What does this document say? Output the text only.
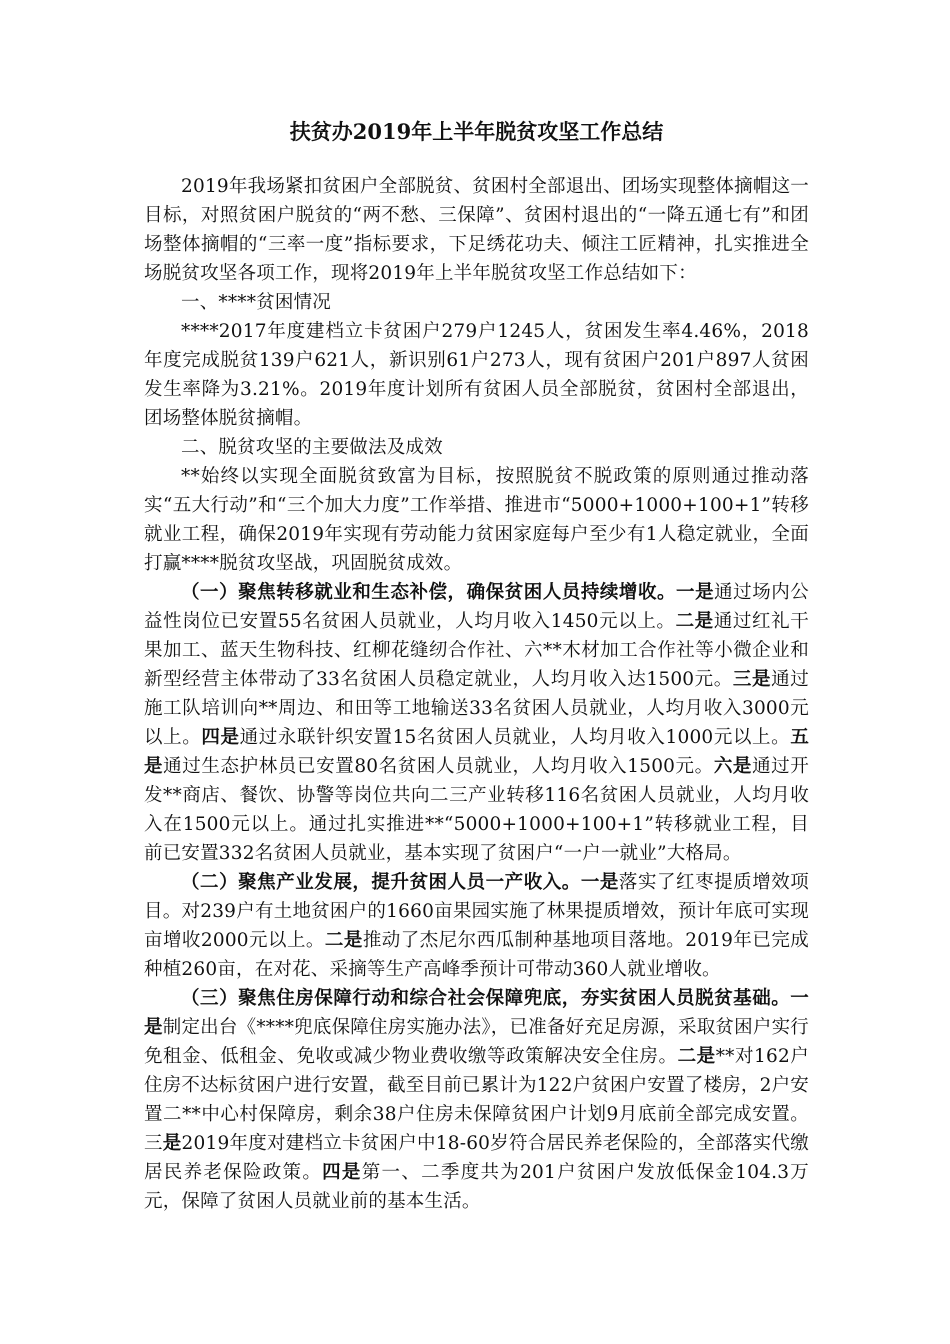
扶贫办2019年上半年脱贫攻坚工作总结

2019年我场紧扣贫困户全部脱贫、贫困村全部退出、团场实现整体摘帽这一目标，对照贫困户脱贫的“两不愁、三保障”、贫困村退出的“一降五通七有”和团场整体摘帽的“三率一度”指标要求，下足绣花功夫、倾注工匠精神，扎实推进全场脱贫攻坚各项工作，现将2019年上半年脱贫攻坚工作总结如下：

一、****贫困情况

****2017年度建档立卡贫困户279户1245人，贫困发生率4.46%，2018年度完成脱贫139户621人，新识别61户273人，现有贫困户201户897人贫困发生率降为3.21%。2019年度计划所有贫困人员全部脱贫，贫困村全部退出，团场整体脱贫摘帽。

二、脱贫攻坚的主要做法及成效

**始终以实现全面脱贫致富为目标，按照脱贫不脱政策的原则通过推动落实“五大行动”和“三个加大力度”工作举措、推进市“5000+1000+100+1”转移就业工程，确保2019年实现有劳动能力贫困家庭每户至少有1人稳定就业，全面打赢****脱贫攻坚战，巩固脱贫成效。

（一）聚焦转移就业和生态补偿，确保贫困人员持续增收。一是通过场内公益性岗位已安置55名贫困人员就业，人均月收入1450元以上。二是通过红礼干果加工、蓝天生物科技、红柳花缝纫合作社、六**木材加工合作社等小微企业和新型经营主体带动了33名贫困人员稳定就业，人均月收入达1500元。三是通过施工队培训向**周边、和田等工地输送33名贫困人员就业，人均月收入3000元以上。四是通过永联针织安置15名贫困人员就业，人均月收入1000元以上。五是通过生态护林员已安置80名贫困人员就业，人均月收入1500元。六是通过开发**商店、餐饮、协警等岗位共向二三产业转移116名贫困人员就业，人均月收入在1500元以上。通过扎实推进**“5000+1000+100+1”转移就业工程，目前已安置332名贫困人员就业，基本实现了贫困户“一户一就业”大格局。

（二）聚焦产业发展，提升贫困人员一产收入。一是落实了红枣提质增效项目。对239户有土地贫困户的1660亩果园实施了林果提质增效，预计年底可实现亩增收2000元以上。二是推动了杰尼尔西瓜制种基地项目落地。2019年已完成种植260亩，在对花、采摘等生产高峰季预计可带动360人就业增收。

（三）聚焦住房保障行动和综合社会保障兜底，夯实贫困人员脱贫基础。一是制定出台《****兜底保障住房实施办法》，已准备好充足房源，采取贫困户实行免租金、低租金、免收或减少物业费收缴等政策解决安全住房。二是**对162户住房不达标贫困户进行安置，截至目前已累计为122户贫困户安置了楼房，2户安置二**中心村保障房，剩余38户住房未保障贫困户计划9月底前全部完成安置。三是2019年度对建档立卡贫困户中18-60岁符合居民养老保险的，全部落实代缴居民养老保险政策。四是第一、二季度共为201户贫困户发放低保金104.3万元，保障了贫困人员就业前的基本生活。
